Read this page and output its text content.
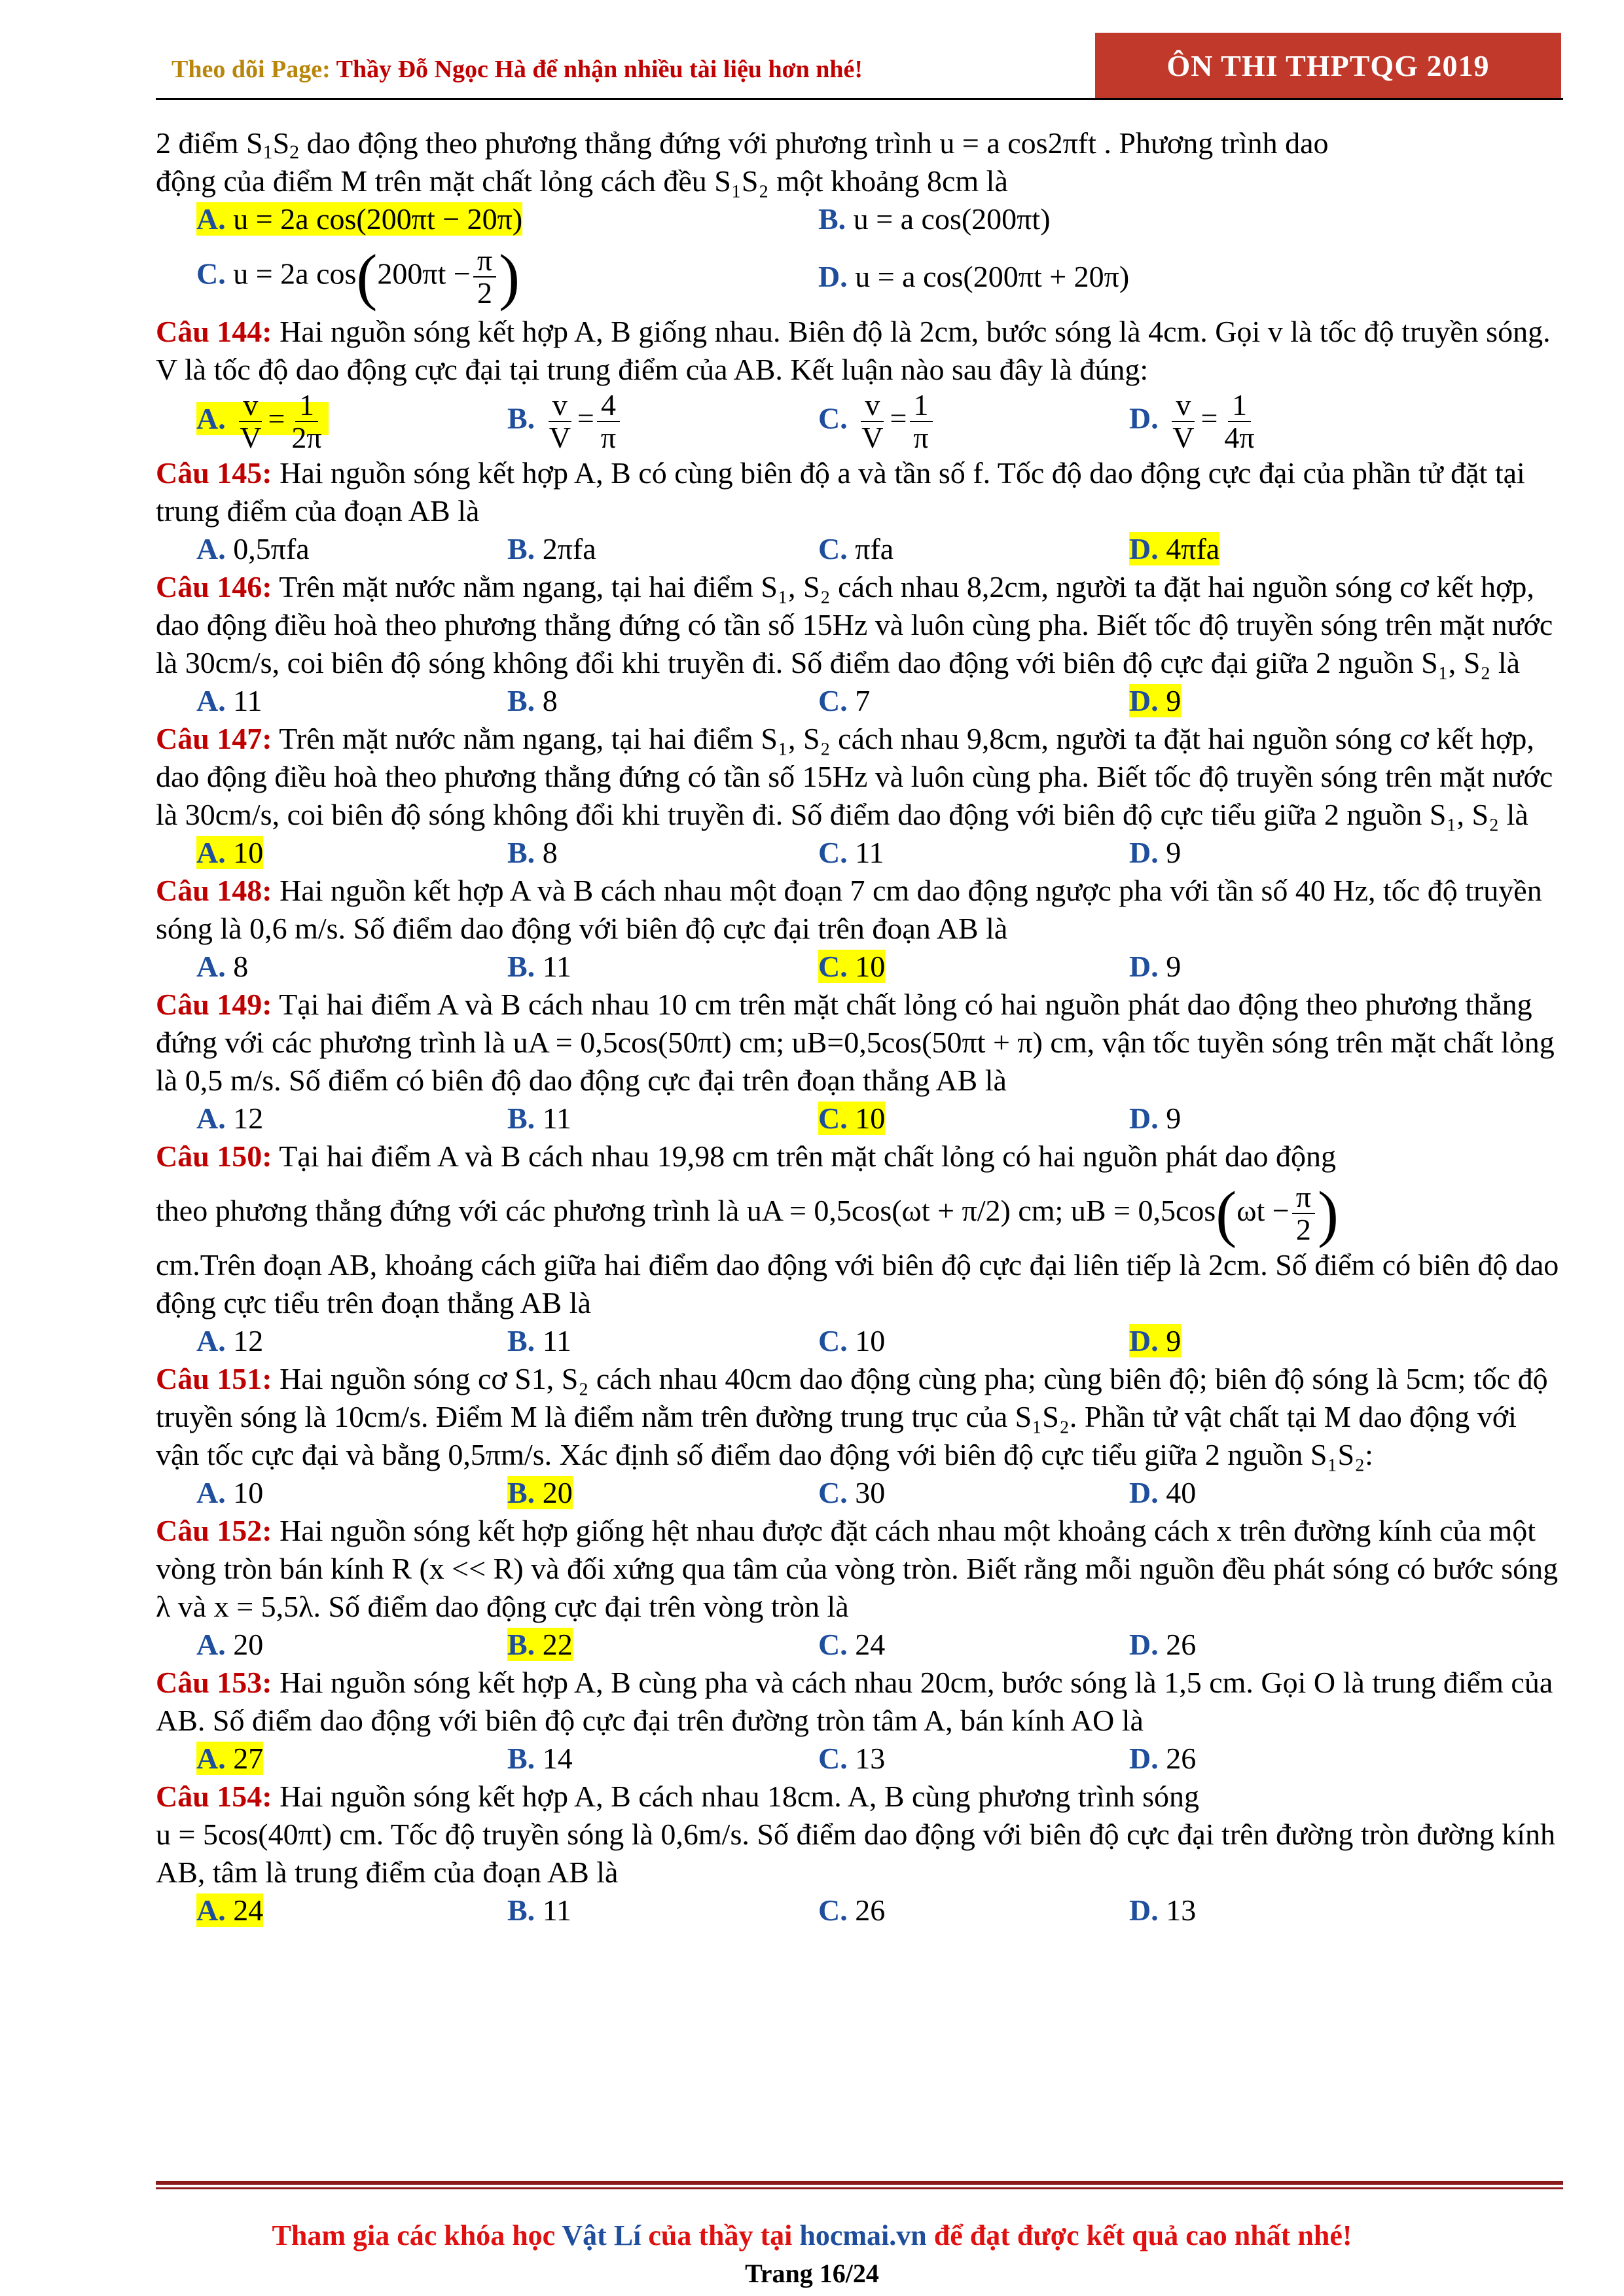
Theo dõi Page: Thầy Đỗ Ngọc Hà để nhận nhiều tài liệu hơn nhé!	ÔN THI THPTQG 2019

2 điểm $S_1S_2$ dao động theo phương thẳng đứng với phương trình u = a cos2πft . Phương trình dao

động của điểm M trên mặt chất lỏng cách đều S₁S₂ một khoảng 8cm là

A. u = 2a cos(200πt − 20π)	B. u = a cos(200πt)
C. u = 2a $\cos(200\pi t - \frac{\pi}{2}$ )	D. u = a cos(200πt + 20π)

Câu 144: Hai nguồn sóng kết hợp A, B giống nhau. Biên độ là 2cm, bước sóng là 4cm. Gọi v là tốc độ truyền sóng. V là tốc độ dao động cực đại tại trung điểm của AB. Kết luận nào sau đây là đúng:

A. $\frac{v}{V} = \frac{1}{2\pi}$	B. $\frac{v}{V} = \frac{4}{\pi}$	C. $\frac{v}{V} = \frac{1}{\pi}$	D. $\frac{v}{V} = \frac{1}{4\pi}$

Câu 145: Hai nguồn sóng kết hợp A, B có cùng biên độ a và tần số f. Tốc độ dao động cực đại của phần tử đặt tại trung điểm của đoạn AB là

A. 0,5πfa	B. 2πfa	C. πfa	D. 4πfa

Câu 146: Trên mặt nước nằm ngang, tại hai điểm S₁, S₂ cách nhau 8,2cm, người ta đặt hai nguồn sóng cơ kết hợp, dao động điều hoà theo phương thẳng đứng có tần số 15Hz và luôn cùng pha. Biết tốc độ truyền sóng trên mặt nước là 30cm/s, coi biên độ sóng không đổi khi truyền đi. Số điểm dao động với biên độ cực đại giữa 2 nguồn S₁, S₂ là

A. 11	B. 8	C. 7	D. 9

Câu 147: Trên mặt nước nằm ngang, tại hai điểm S₁, S₂ cách nhau 9,8cm, người ta đặt hai nguồn sóng cơ kết hợp, dao động điều hoà theo phương thẳng đứng có tần số 15Hz và luôn cùng pha. Biết tốc độ truyền sóng trên mặt nước là 30cm/s, coi biên độ sóng không đổi khi truyền đi. Số điểm dao động với biên độ cực tiểu giữa 2 nguồn S₁, S₂ là

A. 10	B. 8	C. 11	D. 9

Câu 148: Hai nguồn kết hợp A và B cách nhau một đoạn 7 cm dao động ngược pha với tần số 40 Hz, tốc độ truyền sóng là 0,6 m/s. Số điểm dao động với biên độ cực đại trên đoạn AB là

A. 8	B. 11	C. 10	D. 9

Câu 149: Tại hai điểm A và B cách nhau 10 cm trên mặt chất lỏng có hai nguồn phát dao động theo phương thẳng đứng với các phương trình là uA = 0,5cos(50πt) cm; uB=0,5cos(50πt + π) cm, vận tốc tuyền sóng trên mặt chất lỏng là 0,5 m/s. Số điểm có biên độ dao động cực đại trên đoạn thẳng AB là

A. 12	B. 11	C. 10	D. 9

Câu 150: Tại hai điểm A và B cách nhau 19,98 cm trên mặt chất lỏng có hai nguồn phát dao động

theo phương thẳng đứng với các phương trình là uA = 0,5cos(ωt + π/2) cm; uB = $0,5\cos(\omega t - \frac{\pi}{2}$ )

cm.Trên đoạn AB, khoảng cách giữa hai điểm dao động với biên độ cực đại liên tiếp là 2cm. Số điểm có biên độ dao động cực tiểu trên đoạn thẳng AB là

A. 12	B. 11	C. 10	D. 9

Câu 151: Hai nguồn sóng cơ S1, S₂ cách nhau 40cm dao động cùng pha; cùng biên độ; biên độ sóng là 5cm; tốc độ truyền sóng là 10cm/s. Điểm M là điểm nằm trên đường trung trục của S₁S₂. Phần tử vật chất tại M dao động với vận tốc cực đại và bằng 0,5πm/s. Xác định số điểm dao động với biên độ cực tiểu giữa 2 nguồn S₁S₂:

A. 10	B. 20	C. 30	D. 40

Câu 152: Hai nguồn sóng kết hợp giống hệt nhau được đặt cách nhau một khoảng cách x trên đường kính của một vòng tròn bán kính R (x << R) và đối xứng qua tâm của vòng tròn. Biết rằng mỗi nguồn đều phát sóng có bước sóng λ và x = 5,5λ. Số điểm dao động cực đại trên vòng tròn là

A. 20	B. 22	C. 24	D. 26

Câu 153: Hai nguồn sóng kết hợp A, B cùng pha và cách nhau 20cm, bước sóng là 1,5 cm. Gọi O là trung điểm của AB. Số điểm dao động với biên độ cực đại trên đường tròn tâm A, bán kính AO là

A. 27	B. 14	C. 13	D. 26

Câu 154: Hai nguồn sóng kết hợp A, B cách nhau 18cm. A, B cùng phương trình sóng

u = 5cos(40πt) cm. Tốc độ truyền sóng là 0,6m/s. Số điểm dao động với biên độ cực đại trên đường tròn đường kính AB, tâm là trung điểm của đoạn AB là

A. 24	B. 11	C. 26	D. 13
Tham gia các khóa học Vật Lí của thầy tại hocmai.vn để đạt được kết quả cao nhất nhé!
Trang 16/24
